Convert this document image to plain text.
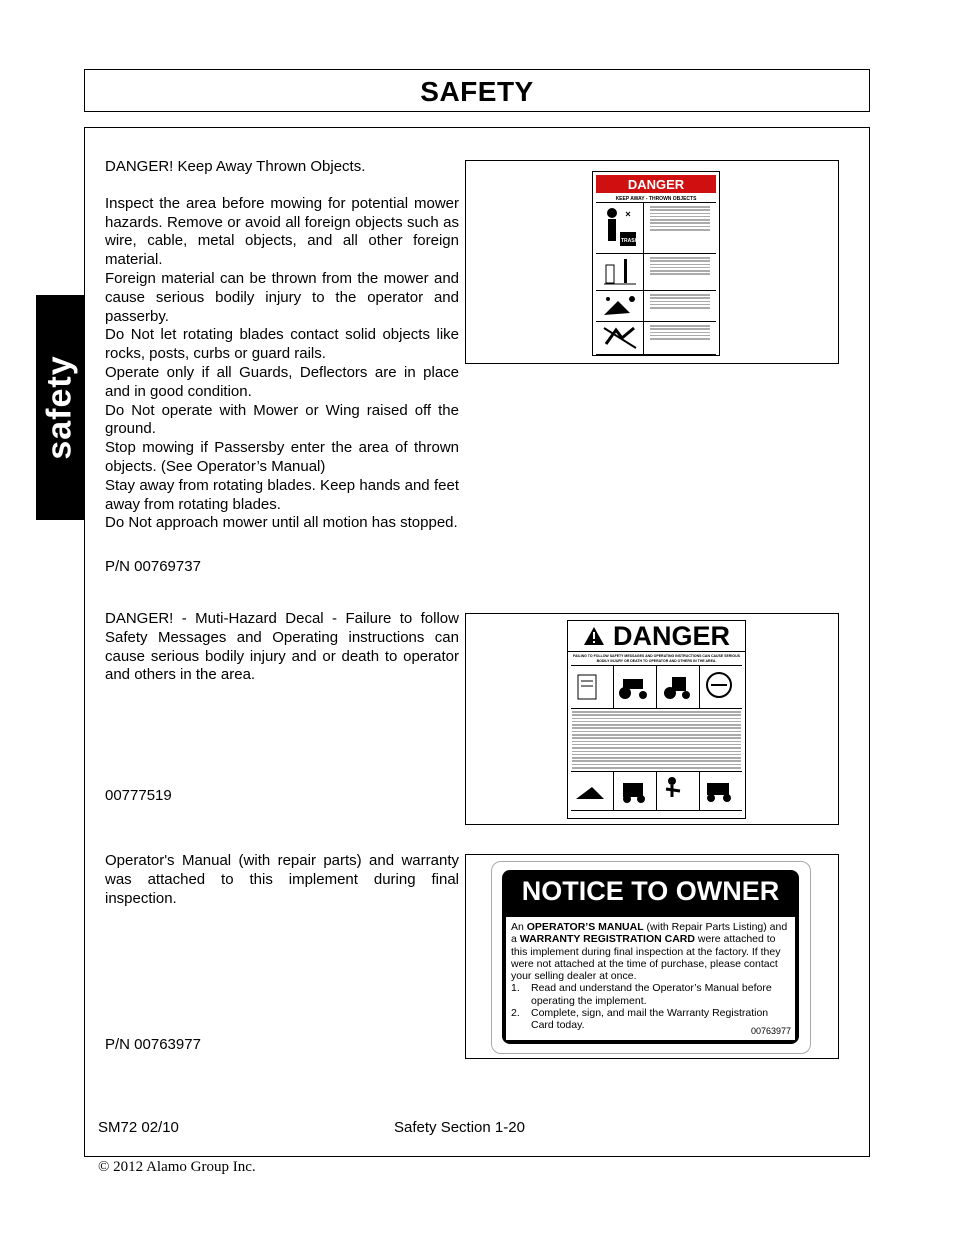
SAFETY
safety
DANGER! Keep Away Thrown Objects.
Inspect the area before mowing for potential mower hazards. Remove or avoid all foreign objects such as wire, cable, metal objects, and all other foreign material.
Foreign material can be thrown from the mower and cause serious bodily injury to the operator and passerby.
Do Not let rotating blades contact solid objects like rocks, posts, curbs or guard rails.
Operate only if all Guards, Deflectors are in place and in good condition.
Do Not operate with Mower or Wing raised off the ground.
Stop mowing if Passersby enter the area of thrown objects. (See Operator’s Manual)
Stay away from rotating blades. Keep hands and feet away from rotating blades.
Do Not approach mower until all motion has stopped.
P/N 00769737
DANGER
KEEP AWAY - THROWN OBJECTS
TRASH
DANGER! - Muti-Hazard Decal - Failure to follow Safety Messages and Operating instructions can cause serious bodily injury and or death to operator and others in the area.
00777519
DANGER
FAILING TO FOLLOW SAFETY MESSAGES AND OPERATING INSTRUCTIONS CAN CAUSE SERIOUS BODILY INJURY OR DEATH TO OPERATOR AND OTHERS IN THE AREA.
Operator's Manual (with repair parts) and warranty was attached to this implement during final inspection.
P/N 00763977
NOTICE TO OWNER
An OPERATOR’S MANUAL (with Repair Parts Listing) and a WARRANTY REGISTRATION CARD were attached to this implement during final inspection at the factory. If they were not attached at the time of purchase, please contact your selling dealer at once.
1. Read and understand the Operator’s Manual before operating the implement.
2. Complete, sign, and mail the Warranty Registration Card today.	00763977
SM72 02/10	Safety Section 1-20
© 2012 Alamo Group Inc.
